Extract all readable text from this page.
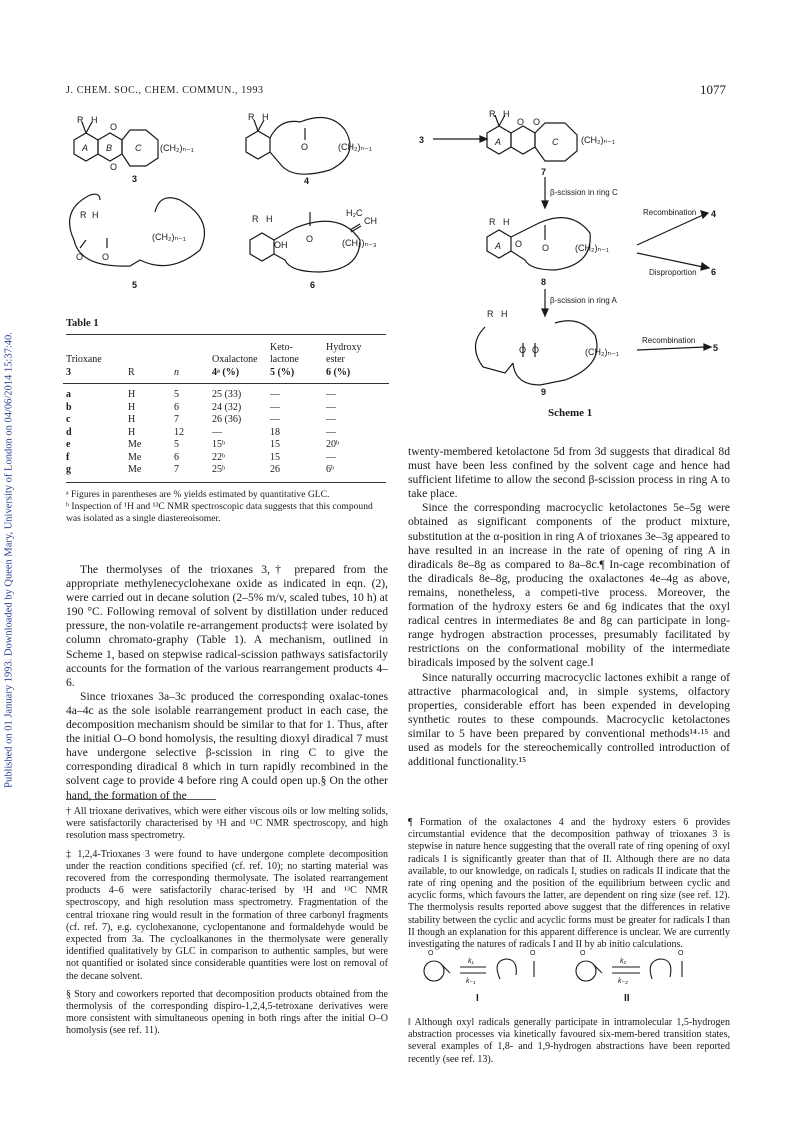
Published on 01 January 1993. Downloaded by Queen Mary, University of London on 04/06/2014 15:37:40.
J. CHEM. SOC., CHEM. COMMUN., 1993	1077
R H
A B	C (CH₂)ₙ₋₁
O
O
3
R H
O	(CH₂)ₙ₋₁
4
R H
O O
(CH₂)ₙ₋₁
5
R H
OH
O
H₂C
CH
(CH₂)ₙ₋₃
6
Table 1
				Keto-	Hydroxy
Trioxane			Oxalactone	lactone	ester
3	R	n	4ᵃ (%)	5 (%)	6 (%)

a	H	5	25 (33)	—	—
b	H	6	24 (32)	—	—
c	H	7	26 (36)	—	—
d	H	12	—	18	—
e	Me	5	15ᵇ	15	20ᵇ
f	Me	6	22ᵇ	15	—
g	Me	7	25ᵇ	26	6ᵇ
ᵃ Figures in parentheses are % yields estimated by quantitative GLC.
ᵇ Inspection of ¹H and ¹³C NMR spectroscopic data suggests that this compound was isolated as a single diastereoisomer.

The thermolyses of the trioxanes 3,† prepared from the appropriate methylenecyclohexane oxide as indicated in eqn. (2), were carried out in decane solution (2–5% m/v, scaled tubes, 10 h) at 190 °C. Following removal of solvent by distillation under reduced pressure, the non-volatile re-arrangement products‡ were isolated by column chromato-graphy (Table 1). A mechanism, outlined in Scheme 1, based on stepwise radical-scission pathways satisfactorily accounts for the formation of the various rearrangement products 4–6.

Since trioxanes 3a–3c produced the corresponding oxalac-tones 4a–4c as the sole isolable rearrangement product in each case, the decomposition mechanism should be similar to that for 1. Thus, after the initial O–O bond homolysis, the resulting dioxyl diradical 7 must have undergone selective β-scission in ring C to give the corresponding diradical 8 which in turn rapidly recombined in the solvent cage to provide 4 before ring A could open up.§ On the other hand, the formation of the

† All trioxane derivatives, which were either viscous oils or low melting solids, were satisfactorily characterised by ¹H and ¹³C NMR spectroscopy, and high resolution mass spectrometry.

‡ 1,2,4-Trioxanes 3 were found to have undergone complete decomposition under the reaction conditions specified (cf. ref. 10); no starting material was recovered from the corresponding thermolysate. The isolated rearrangement products 4–6 were satisfactorily charac-terised by ¹H and ¹³C NMR spectroscopy, and high resolution mass spectrometry. Fragmentation of the central trioxane ring would result in the formation of three carbonyl fragments (cf. ref. 7), e.g. cyclohexanone, cyclopentanone and formaldehyde would be expected from 3a. The cycloalkanones in the thermolysate were generally identified qualitatively by GLC in comparison to authentic samples, but were not quantified or isolated since considerable quantities were lost on removal of the decane solvent.

§ Story and coworkers reported that decomposition products obtained from the thermolysis of the corresponding dispiro-1,2,4,5-tetroxane derivatives were more consistent with simultaneous opening in both rings after the initial O–O homolysis (see ref. 11).

3
R H
A
O O
C	(CH₂)ₙ₋₁
7
β-scission in ring C
R H
A O O	(CH₂)ₙ₋₁
8
Recombination 4
Disproportion 6
β-scission in ring A
R H
O O	(CH₂)ₙ₋₁
Recombination
5
9
Scheme 1

twenty-membered ketolactone 5d from 3d suggests that diradical 8d must have been less confined by the solvent cage and hence had sufficient lifetime to allow the second β-scission process in ring A to take place.

Since the corresponding macrocyclic ketolactones 5e–5g were obtained as significant components of the product mixture, substitution at the α-position in ring A of trioxanes 3e–3g appeared to have resulted in an increase in the rate of opening of ring A in diradicals 8e–8g as compared to 8a–8c.¶ In-cage recombination of the diradicals 8e–8g, producing the oxalactones 4e–4g as above, remains, nonetheless, a competi-tive process. Moreover, the formation of the hydroxy esters 6e and 6g indicates that the oxyl radical centres in intermediates 8e and 8g can participate in long-range hydrogen abstraction processes, presumably facilitated by restrictions on the conformational mobility of the intermediate biradicals imposed by the solvent cage.‖

Since naturally occurring macrocyclic lactones exhibit a range of attractive pharmacological and, in simple systems, olfactory properties, considerable effort has been expended in developing synthetic routes to these compounds. Macrocyclic ketolactones similar to 5 have been prepared by conventional methods¹⁴·¹⁵ and used as models for the stereochemically controlled introduction of additional functionality.¹⁵

¶ Formation of the oxalactones 4 and the hydroxy esters 6 provides circumstantial evidence that the decomposition pathway of trioxanes 3 is stepwise in nature hence suggesting that the overall rate of ring opening of oxyl radicals I is significantly greater than that of II. Although there are no data available, to our knowledge, on radicals I, studies on radicals II indicate that the rate of ring opening and the position of the equilibrium between cyclic and acyclic forms, which favours the latter, are dependent on ring size (see ref. 12). The thermolysis results reported above suggest that the differences in relative stability between the cyclic and acyclic forms must be greater for radicals I than II though an explanation for this apparent difference is unclear. We are currently investigating the natures of radicals I and II by ab initio calculations.

O
k₁
k₋₁
O	O
k₂
k₋₂
O
I	II

‖ Although oxyl radicals generally participate in intramolecular 1,5-hydrogen abstraction processes via kinetically favoured six-mem-bered transition states, several examples of 1,8- and 1,9-hydrogen abstractions have been reported recently (see ref. 13).
